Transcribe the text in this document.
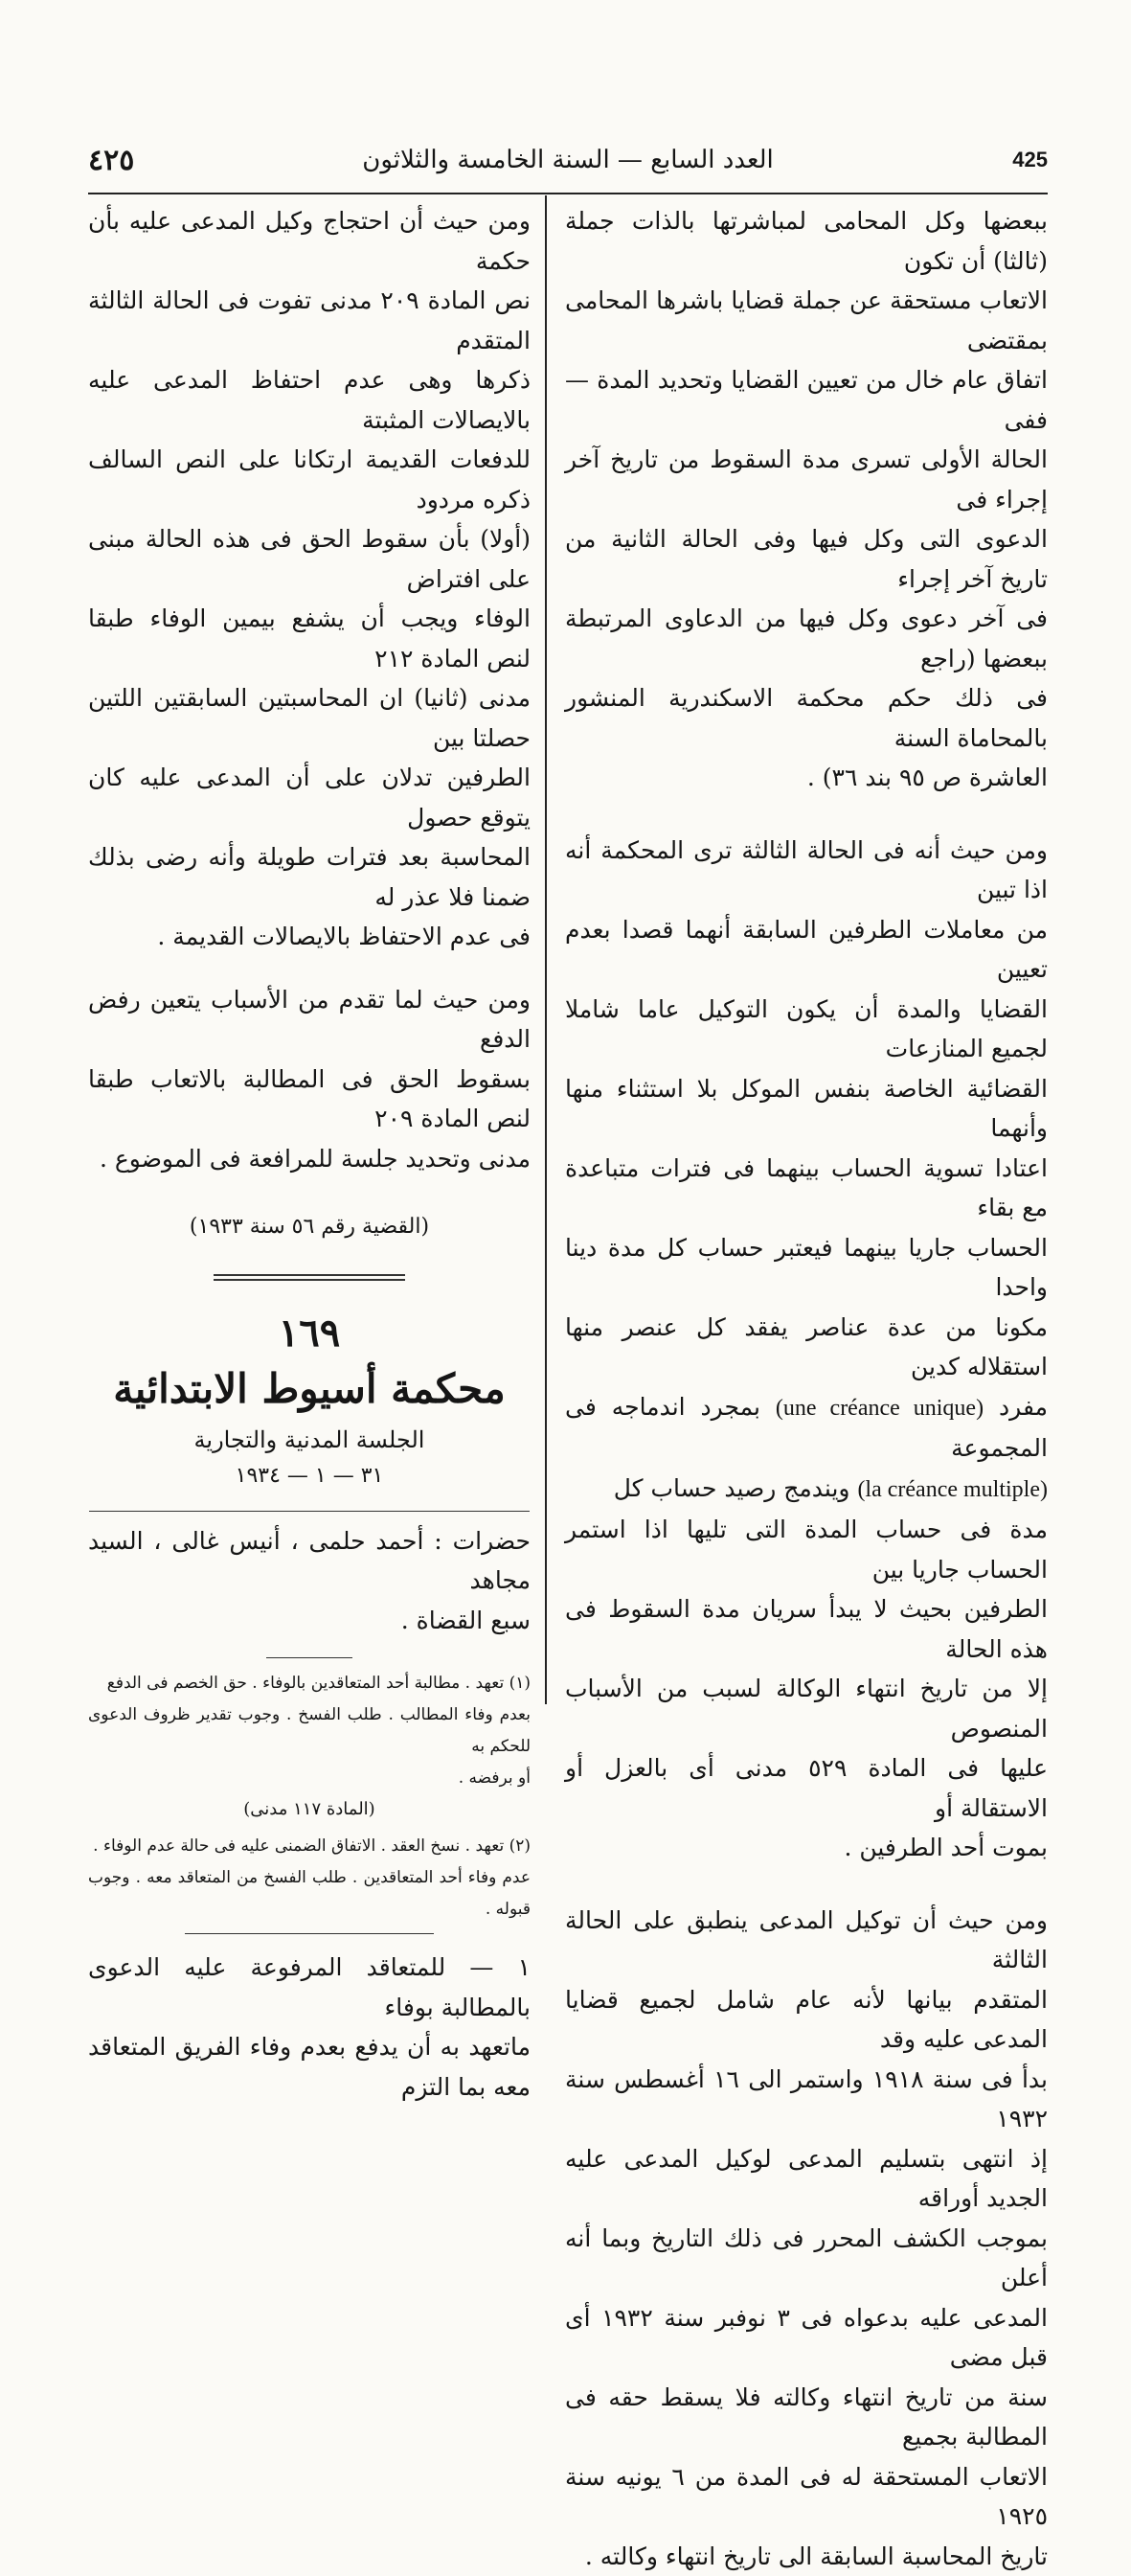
٤٢٥	العدد السابع — السنة الخامسة والثلاثون	425

ببعضها وكل المحامى لمباشرتها بالذات جملة (ثالثا) أن تكون

الاتعاب مستحقة عن جملة قضايا باشرها المحامى بمقتضى

اتفاق عام خال من تعيين القضايا وتحديد المدة — ففى

الحالة الأولى تسرى مدة السقوط من تاريخ آخر إجراء فى

الدعوى التى وكل فيها وفى الحالة الثانية من تاريخ آخر إجراء

فى آخر دعوى وكل فيها من الدعاوى المرتبطة ببعضها (راجع

فى ذلك حكم محكمة الاسكندرية المنشور بالمحاماة السنة

العاشرة ص ٩٥ بند ٣٦) .

ومن حيث أنه فى الحالة الثالثة ترى المحكمة أنه اذا تبين

من معاملات الطرفين السابقة أنهما قصدا بعدم تعيين

القضايا والمدة أن يكون التوكيل عاما شاملا لجميع المنازعات

القضائية الخاصة بنفس الموكل بلا استثناء منها وأنهما

اعتادا تسوية الحساب بينهما فى فترات متباعدة مع بقاء

الحساب جاريا بينهما فيعتبر حساب كل مدة دينا واحدا

مكونا من عدة عناصر يفقد كل عنصر منها استقلاله كدين

مفرد (une créance unique) بمجرد اندماجه فى المجموعة

(la créance multiple) ويندمج رصيد حساب كل

مدة فى حساب المدة التى تليها اذا استمر الحساب جاريا بين

الطرفين بحيث لا يبدأ سريان مدة السقوط فى هذه الحالة

إلا من تاريخ انتهاء الوكالة لسبب من الأسباب المنصوص

عليها فى المادة ٥٢٩ مدنى أى بالعزل أو الاستقالة أو

بموت أحد الطرفين .

ومن حيث أن توكيل المدعى ينطبق على الحالة الثالثة

المتقدم بيانها لأنه عام شامل لجميع قضايا المدعى عليه وقد

بدأ فى سنة ١٩١٨ واستمر الى ١٦ أغسطس سنة ١٩٣٢

إذ انتهى بتسليم المدعى لوكيل المدعى عليه الجديد أوراقه

بموجب الكشف المحرر فى ذلك التاريخ وبما أنه أعلن

المدعى عليه بدعواه فى ٣ نوفبر سنة ١٩٣٢ أى قبل مضى

سنة من تاريخ انتهاء وكالته فلا يسقط حقه فى المطالبة بجميع

الاتعاب المستحقة له فى المدة من ٦ يونيه سنة ١٩٢٥

تاريخ المحاسبة السابقة الى تاريخ انتهاء وكالته .

ومن حيث أن احتجاج وكيل المدعى عليه بأن حكمة

نص المادة ٢٠٩ مدنى تفوت فى الحالة الثالثة المتقدم

ذكرها وهى عدم احتفاظ المدعى عليه بالايصالات المثبتة

للدفعات القديمة ارتكانا على النص السالف ذكره مردود

(أولا) بأن سقوط الحق فى هذه الحالة مبنى على افتراض

الوفاء ويجب أن يشفع بيمين الوفاء طبقا لنص المادة ٢١٢

مدنى (ثانيا) ان المحاسبتين السابقتين اللتين حصلتا بين

الطرفين تدلان على أن المدعى عليه كان يتوقع حصول

المحاسبة بعد فترات طويلة وأنه رضى بذلك ضمنا فلا عذر له

فى عدم الاحتفاظ بالايصالات القديمة .

ومن حيث لما تقدم من الأسباب يتعين رفض الدفع

بسقوط الحق فى المطالبة بالاتعاب طبقا لنص المادة ٢٠٩

مدنى وتحديد جلسة للمرافعة فى الموضوع .

(القضية رقم ٥٦ سنة ١٩٣٣)
١٦٩
محكمة أسيوط الابتدائية
الجلسة المدنية والتجارية
٣١ — ١ — ١٩٣٤

حضرات : أحمد حلمى ، أنيس غالى ، السيد مجاهد

سبع القضاة .

(١) تعهد . مطالبة أحد المتعاقدين بالوفاء . حق الخصم فى الدفع

بعدم وفاء المطالب . طلب الفسخ . وجوب تقدير ظروف الدعوى للحكم به

أو برفضه .

(المادة ١١٧ مدنى)

(٢) تعهد . نسخ العقد . الاتفاق الضمنى عليه فى حالة عدم الوفاء .

عدم وفاء أحد المتعاقدين . طلب الفسخ من المتعاقد معه . وجوب قبوله .

١ — للمتعاقد المرفوعة عليه الدعوى بالمطالبة بوفاء

ماتعهد به أن يدفع بعدم وفاء الفريق المتعاقد معه بما التزم
